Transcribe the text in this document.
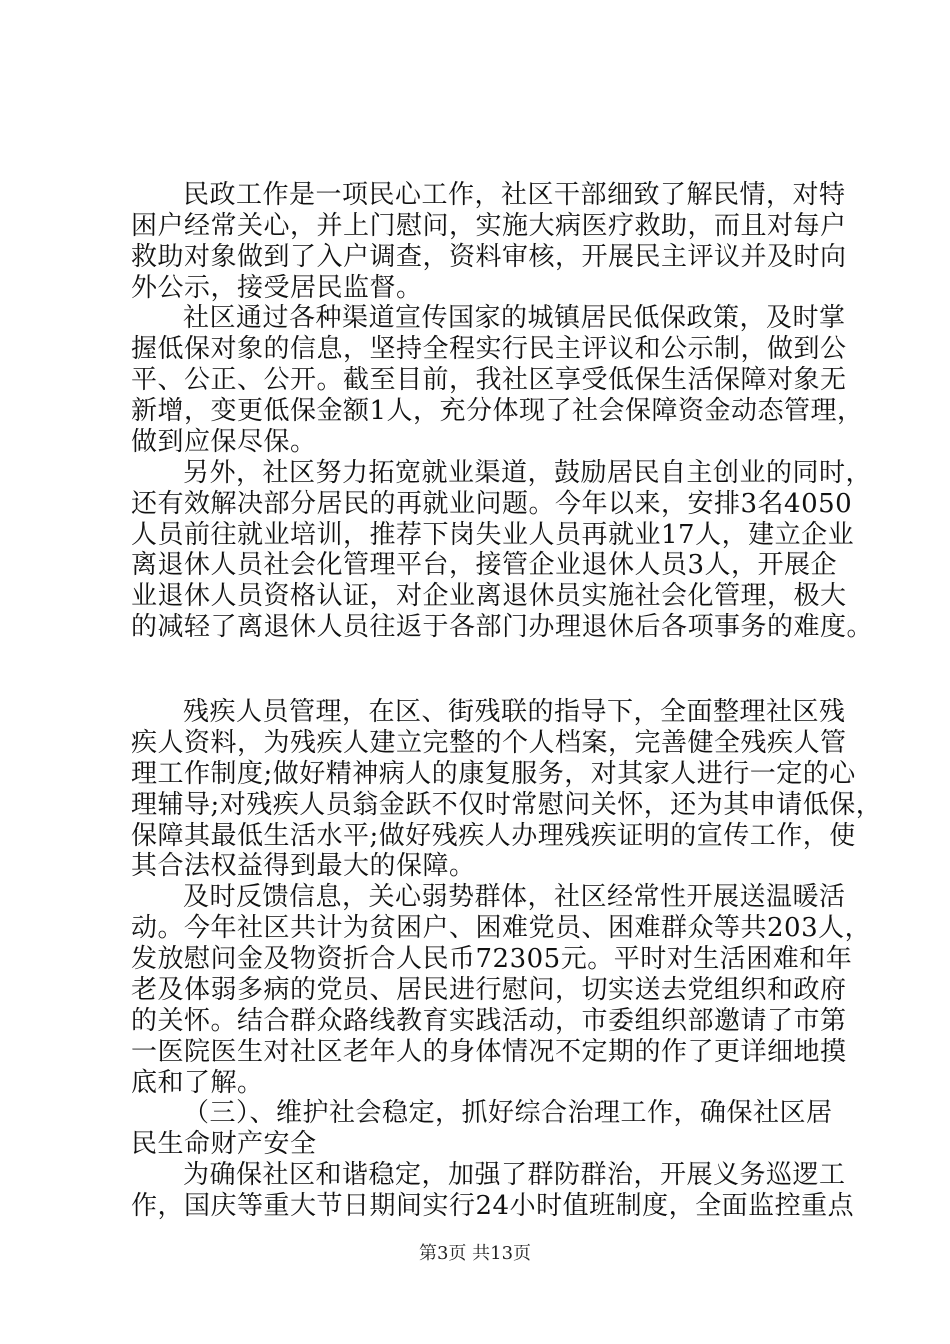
民政工作是一项民心工作，社区干部细致了解民情，对特
困户经常关心，并上门慰问，实施大病医疗救助，而且对每户
救助对象做到了入户调查，资料审核，开展民主评议并及时向
外公示，接受居民监督。
社区通过各种渠道宣传国家的城镇居民低保政策，及时掌
握低保对象的信息，坚持全程实行民主评议和公示制，做到公
平、公正、公开。截至目前，我社区享受低保生活保障对象无
新增，变更低保金额1人，充分体现了社会保障资金动态管理，
做到应保尽保。
另外，社区努力拓宽就业渠道，鼓励居民自主创业的同时，
还有效解决部分居民的再就业问题。今年以来，安排3名4050
人员前往就业培训，推荐下岗失业人员再就业17人，建立企业
离退休人员社会化管理平台，接管企业退休人员3人，开展企
业退休人员资格认证，对企业离退休员实施社会化管理，极大
的减轻了离退休人员往返于各部门办理退休后各项事务的难度。
残疾人员管理，在区、街残联的指导下，全面整理社区残
疾人资料，为残疾人建立完整的个人档案，完善健全残疾人管
理工作制度;做好精神病人的康复服务，对其家人进行一定的心
理辅导;对残疾人员翁金跃不仅时常慰问关怀，还为其申请低保，
保障其最低生活水平;做好残疾人办理残疾证明的宣传工作，使
其合法权益得到最大的保障。
及时反馈信息，关心弱势群体，社区经常性开展送温暖活
动。今年社区共计为贫困户、困难党员、困难群众等共203人，
发放慰问金及物资折合人民币72305元。平时对生活困难和年
老及体弱多病的党员、居民进行慰问，切实送去党组织和政府
的关怀。结合群众路线教育实践活动，市委组织部邀请了市第
一医院医生对社区老年人的身体情况不定期的作了更详细地摸
底和了解。
（三）、维护社会稳定，抓好综合治理工作，确保社区居
民生命财产安全
为确保社区和谐稳定，加强了群防群治，开展义务巡逻工
作，国庆等重大节日期间实行24小时值班制度，全面监控重点
第3页 共13页
